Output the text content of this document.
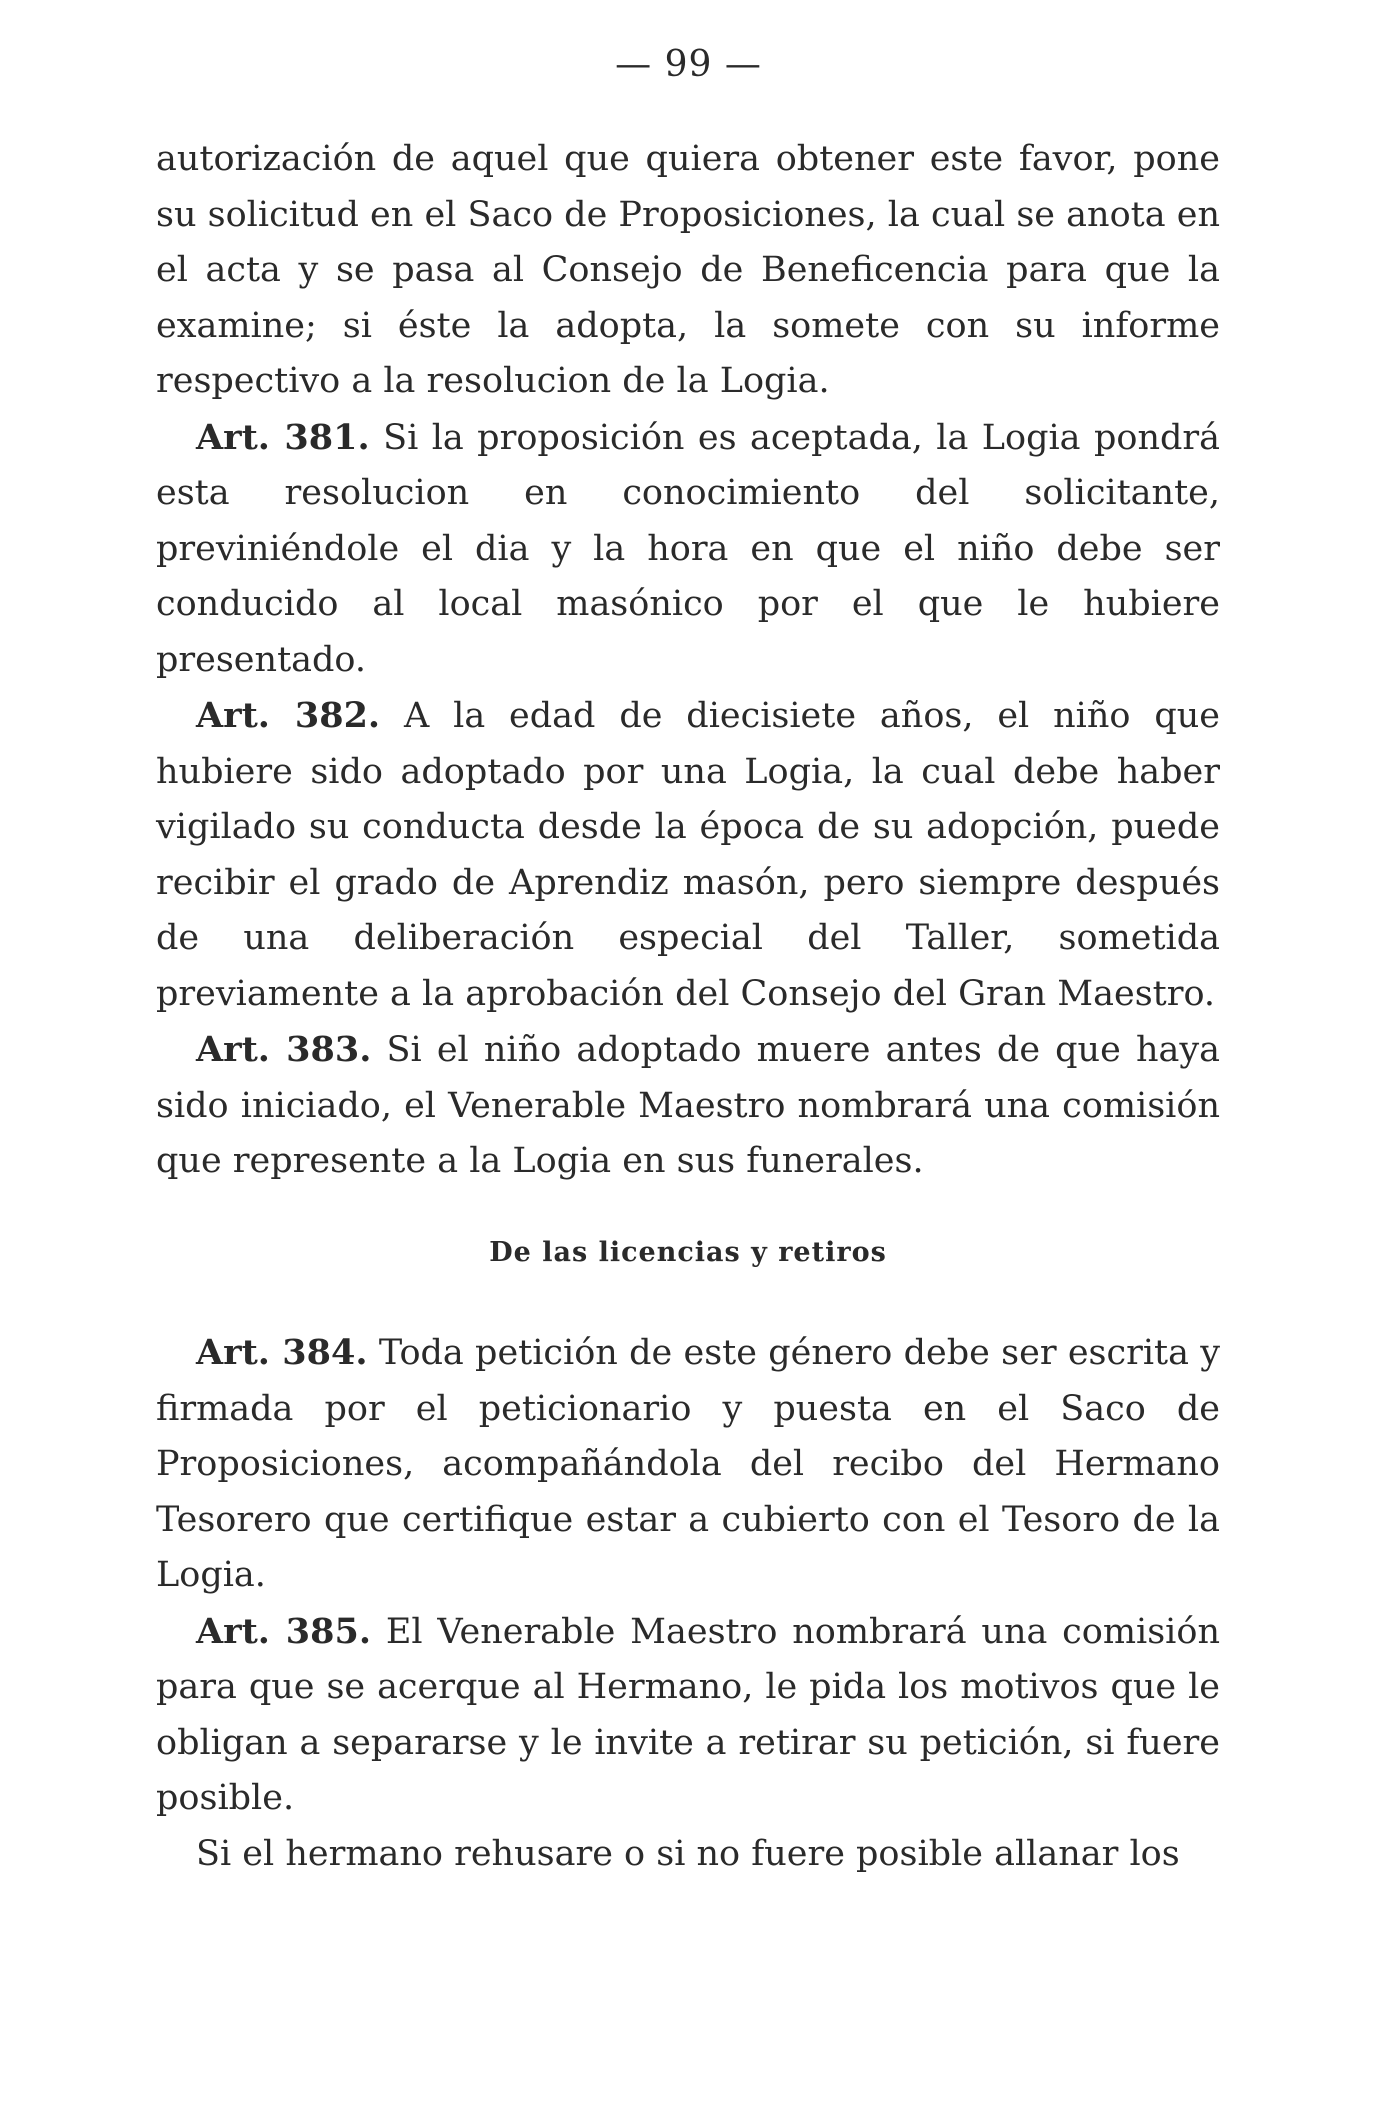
— 99 —

autorización de aquel que quiera obtener este favor, pone su solicitud en el Saco de Proposiciones, la cual se anota en el acta y se pasa al Consejo de Beneficencia para que la examine; si éste la adopta, la somete con su informe respectivo a la resolucion de la Logia.

Art. 381. Si la proposición es aceptada, la Logia pondrá esta resolucion en conocimiento del solicitante, previniéndole el dia y la hora en que el niño debe ser conducido al local masónico por el que le hubiere presentado.

Art. 382. A la edad de diecisiete años, el niño que hubiere sido adoptado por una Logia, la cual debe haber vigilado su conducta desde la época de su adopción, puede recibir el grado de Aprendiz masón, pero siempre después de una deliberación especial del Taller, sometida previamente a la aprobación del Consejo del Gran Maestro.

Art. 383. Si el niño adoptado muere antes de que haya sido iniciado, el Venerable Maestro nombrará una comisión que represente a la Logia en sus funerales.

De las licencias y retiros

Art. 384. Toda petición de este género debe ser escrita y firmada por el peticionario y puesta en el Saco de Proposiciones, acompañándola del recibo del Hermano Tesorero que certifique estar a cubierto con el Tesoro de la Logia.

Art. 385. El Venerable Maestro nombrará una comisión para que se acerque al Hermano, le pida los motivos que le obligan a separarse y le invite a retirar su petición, si fuere posible.

Si el hermano rehusare o si no fuere posible allanar los
